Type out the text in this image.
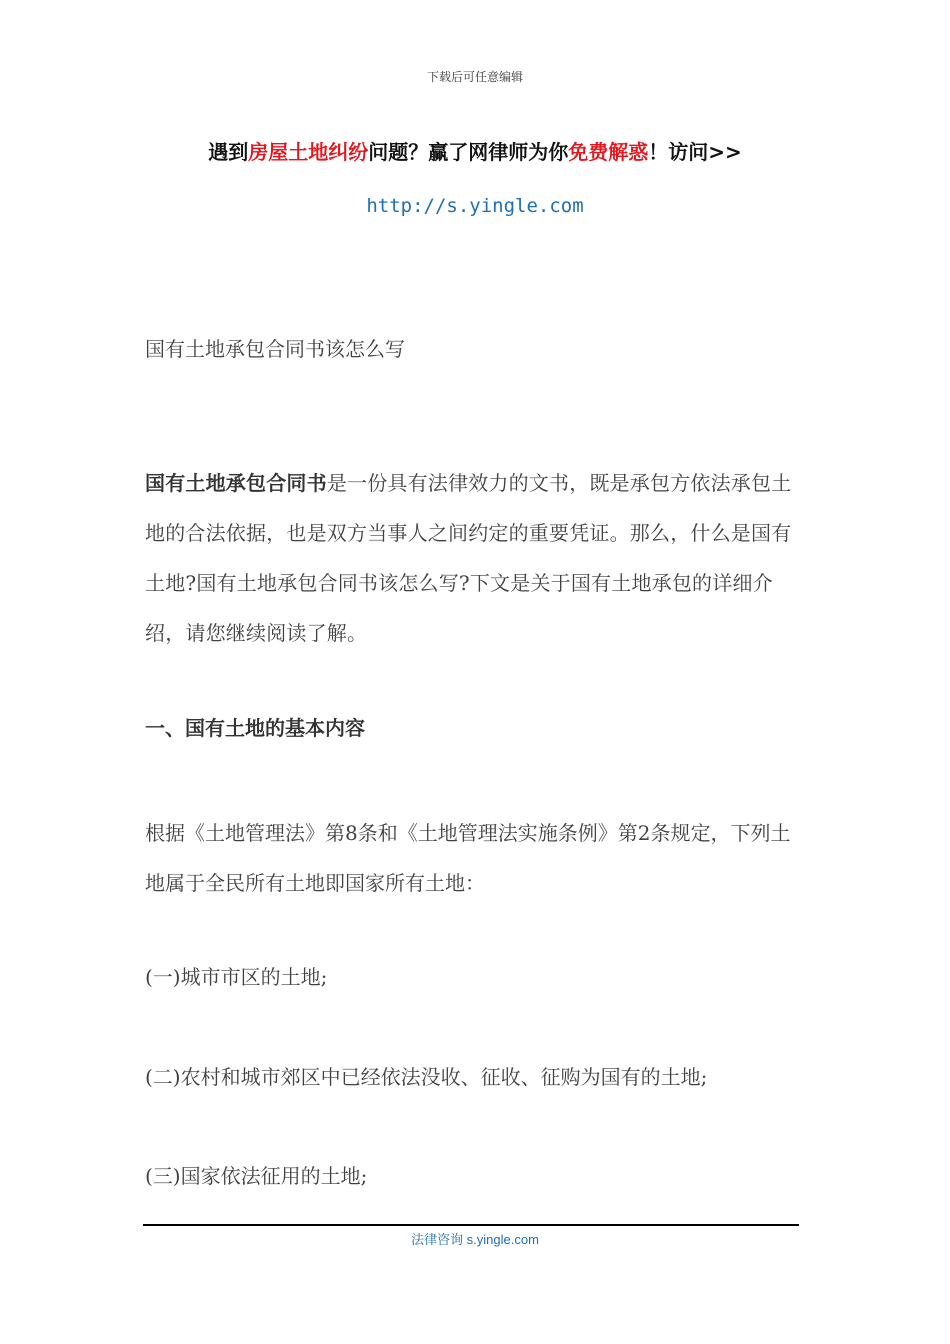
下载后可任意编辑
遇到房屋土地纠纷问题？赢了网律师为你免费解惑！访问>>
http://s.yingle.com
国有土地承包合同书该怎么写
国有土地承包合同书是一份具有法律效力的文书，既是承包方依法承包土地的合法依据，也是双方当事人之间约定的重要凭证。那么，什么是国有土地?国有土地承包合同书该怎么写?下文是关于国有土地承包的详细介绍，请您继续阅读了解。
一、国有土地的基本内容
根据《土地管理法》第8条和《土地管理法实施条例》第2条规定，下列土地属于全民所有土地即国家所有土地：
(一)城市市区的土地;
(二)农村和城市郊区中已经依法没收、征收、征购为国有的土地;
(三)国家依法征用的土地;
法律咨询 s.yingle.com
